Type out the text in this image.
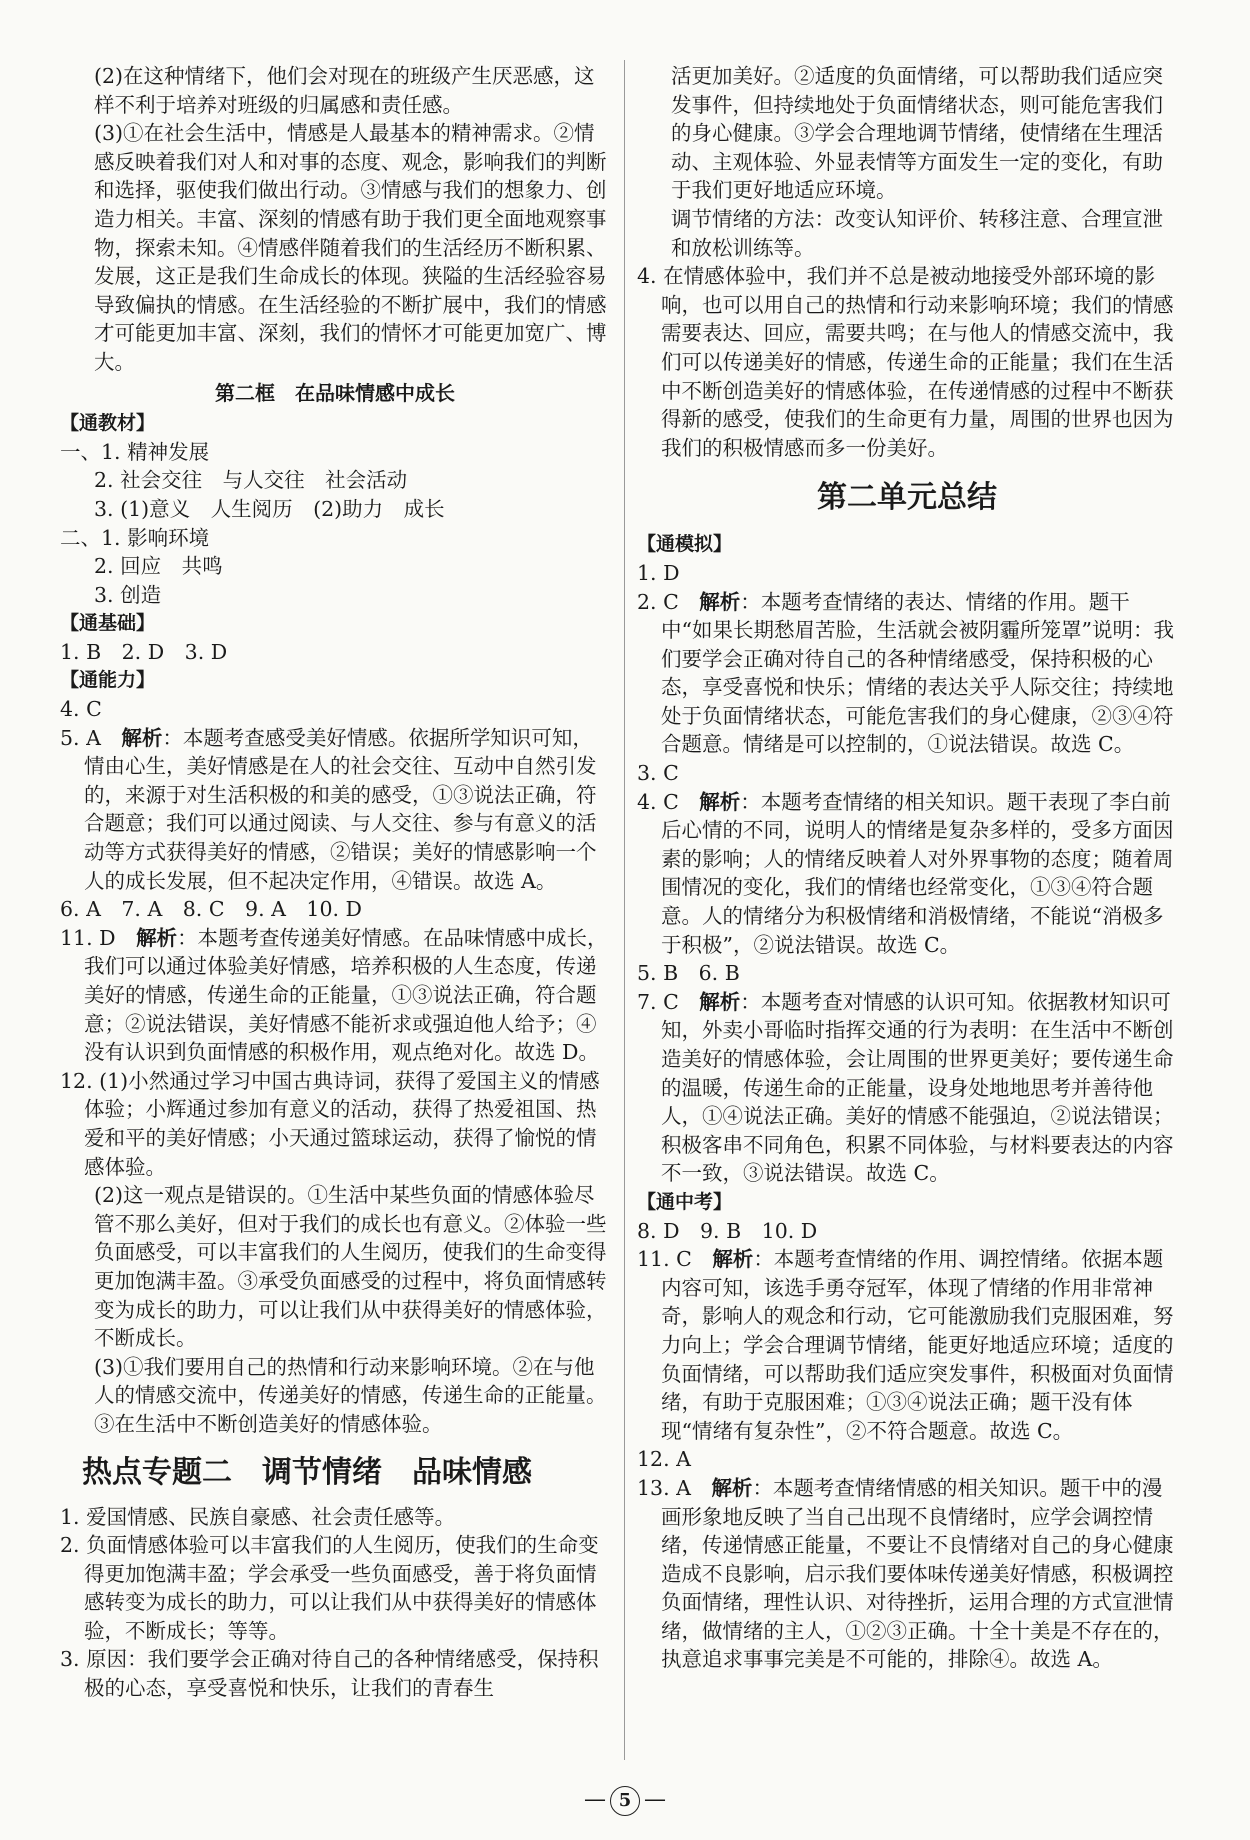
(2)在这种情绪下，他们会对现在的班级产生厌恶感，这样不利于培养对班级的归属感和责任感。

(3)①在社会生活中，情感是人最基本的精神需求。②情感反映着我们对人和对事的态度、观念，影响我们的判断和选择，驱使我们做出行动。③情感与我们的想象力、创造力相关。丰富、深刻的情感有助于我们更全面地观察事物，探索未知。④情感伴随着我们的生活经历不断积累、发展，这正是我们生命成长的体现。狭隘的生活经验容易导致偏执的情感。在生活经验的不断扩展中，我们的情感才可能更加丰富、深刻，我们的情怀才可能更加宽广、博大。

第二框　在品味情感中成长

【通教材】

一、1. 精神发展

2. 社会交往　与人交往　社会活动

3. (1)意义　人生阅历　(2)助力　成长

二、1. 影响环境

2. 回应　共鸣

3. 创造

【通基础】

1. B　2. D　3. D

【通能力】

4. C

5. A　 解析：本题考查感受美好情感。依据所学知识可知，情由心生，美好情感是在人的社会交往、互动中自然引发的，来源于对生活积极的和美的感受，①③说法正确，符合题意；我们可以通过阅读、与人交往、参与有意义的活动等方式获得美好的情感，②错误；美好的情感影响一个人的成长发展，但不起决定作用，④错误。故选 A。

6. A　7. A　8. C　9. A　10. D

11. D　 解析：本题考查传递美好情感。在品味情感中成长，我们可以通过体验美好情感，培养积极的人生态度，传递美好的情感，传递生命的正能量，①③说法正确，符合题意；②说法错误，美好情感不能祈求或强迫他人给予；④没有认识到负面情感的积极作用，观点绝对化。故选 D。

12. (1)小然通过学习中国古典诗词，获得了爱国主义的情感体验；小辉通过参加有意义的活动，获得了热爱祖国、热爱和平的美好情感；小天通过篮球运动，获得了愉悦的情感体验。

(2)这一观点是错误的。①生活中某些负面的情感体验尽管不那么美好，但对于我们的成长也有意义。②体验一些负面感受，可以丰富我们的人生阅历，使我们的生命变得更加饱满丰盈。③承受负面感受的过程中，将负面情感转变为成长的助力，可以让我们从中获得美好的情感体验，不断成长。

(3)①我们要用自己的热情和行动来影响环境。②在与他人的情感交流中，传递美好的情感，传递生命的正能量。③在生活中不断创造美好的情感体验。

热点专题二　调节情绪　品味情感

1. 爱国情感、民族自豪感、社会责任感等。

2. 负面情感体验可以丰富我们的人生阅历，使我们的生命变得更加饱满丰盈；学会承受一些负面感受，善于将负面情感转变为成长的助力，可以让我们从中获得美好的情感体验，不断成长；等等。

3. 原因：我们要学会正确对待自己的各种情绪感受，保持积极的心态，享受喜悦和快乐，让我们的青春生

活更加美好。②适度的负面情绪，可以帮助我们适应突发事件，但持续地处于负面情绪状态，则可能危害我们的身心健康。③学会合理地调节情绪，使情绪在生理活动、主观体验、外显表情等方面发生一定的变化，有助于我们更好地适应环境。

调节情绪的方法：改变认知评价、转移注意、合理宣泄和放松训练等。

4. 在情感体验中，我们并不总是被动地接受外部环境的影响，也可以用自己的热情和行动来影响环境；我们的情感需要表达、回应，需要共鸣；在与他人的情感交流中，我们可以传递美好的情感，传递生命的正能量；我们在生活中不断创造美好的情感体验，在传递情感的过程中不断获得新的感受，使我们的生命更有力量，周围的世界也因为我们的积极情感而多一份美好。

第二单元总结

【通模拟】

1. D

2. C　 解析：本题考查情绪的表达、情绪的作用。题干中“如果长期愁眉苦脸，生活就会被阴霾所笼罩”说明：我们要学会正确对待自己的各种情绪感受，保持积极的心态，享受喜悦和快乐；情绪的表达关乎人际交往；持续地处于负面情绪状态，可能危害我们的身心健康，②③④符合题意。情绪是可以控制的，①说法错误。故选 C。

3. C

4. C　 解析：本题考查情绪的相关知识。题干表现了李白前后心情的不同，说明人的情绪是复杂多样的，受多方面因素的影响；人的情绪反映着人对外界事物的态度；随着周围情况的变化，我们的情绪也经常变化，①③④符合题意。人的情绪分为积极情绪和消极情绪，不能说“消极多于积极”，②说法错误。故选 C。

5. B　6. B

7. C　 解析：本题考查对情感的认识可知。依据教材知识可知，外卖小哥临时指挥交通的行为表明：在生活中不断创造美好的情感体验，会让周围的世界更美好；要传递生命的温暖，传递生命的正能量，设身处地地思考并善待他人，①④说法正确。美好的情感不能强迫，②说法错误；积极客串不同角色，积累不同体验，与材料要表达的内容不一致，③说法错误。故选 C。

【通中考】

8. D　9. B　10. D

11. C　 解析：本题考查情绪的作用、调控情绪。依据本题内容可知，该选手勇夺冠军，体现了情绪的作用非常神奇，影响人的观念和行动，它可能激励我们克服困难，努力向上；学会合理调节情绪，能更好地适应环境；适度的负面情绪，可以帮助我们适应突发事件，积极面对负面情绪，有助于克服困难；①③④说法正确；题干没有体现“情绪有复杂性”，②不符合题意。故选 C。

12. A

13. A　 解析：本题考查情绪情感的相关知识。题干中的漫画形象地反映了当自己出现不良情绪时，应学会调控情绪，传递情感正能量，不要让不良情绪对自己的身心健康造成不良影响，启示我们要体味传递美好情感，积极调控负面情绪，理性认识、对待挫折，运用合理的方式宣泄情绪，做情绪的主人，①②③正确。十全十美是不存在的，执意追求事事完美是不可能的，排除④。故选 A。

— 5 —
